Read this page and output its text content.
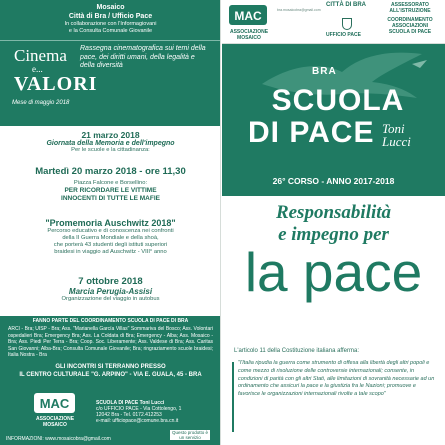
Mosaico
Città di Bra / Ufficio Pace
In collaborazione con l'Informagiovani
e la Consulta Comunale Giovanile
Cinema
e...
VALORI
Mese di maggio 2018
Rassegna cinematografica sui temi della pace, dei diritti umani, della legalità e della diversità
21 marzo 2018
Giornata della Memoria e dell'impegno
Per le scuole e la cittadinanza:
Martedì 20 marzo 2018 - ore 11,30
Piazza Falcone e Borsellino:
PER RICORDARE LE VITTIME
INNOCENTI DI TUTTE LE MAFIE
"Promemoria Auschwitz 2018"
Percorso educativo e di conoscenza nei confronti
della II Guerra Mondiale e della shoà,
che porterà 43 studenti degli istituti superiori
braidesi in viaggio ad Auschwitz - VIII° anno
7 ottobre 2018
Marcia Perugia-Assisi
Organizzazione del viaggio in autobus
FANNO PARTE DEL COORDINAMENTO SCUOLA DI PACE DI BRA
ARCI - Bra; UISP - Bra; Ass. "Marianella García Villas" Sommariva del Bosco; Ass. Volontari ospedalieri Bra; Emergency Bra; Ass. La Coldata di Bra; Emergency - Alba; Ass. Mosaico - Bra; Ass. Piedi Per Terra - Bra; Coop. Soc. Liberamente; Ass. Valdese di Bra; Ass. Caritas San Giovanni; Alba-Bra; Consulta Comunale Giovanile; Bra; ringraziamento scuole braidesi; Italia Nostra - Bra
GLI INCONTRI SI TERRANNO PRESSO
IL CENTRO CULTURALE "G. ARPINO" - VIA E. GUALA, 45 - BRA
MAC
ASSOCIAZIONE
MOSAICO
SCUOLA DI PACE Toni Lucci
c/o UFFICIO PACE - Via Cottolengo, 1
12042 Bra - Tel. 0172.412253
e-mail: ufficiopace@comune.bra.cn.it
INFORMAZIONI: www.mosaicobra@gmail.com
Questo prodotto è un servizio
MAC
ASSOCIAZIONE
MOSAICO
bra.mosaicobra@gmail.com
CITTÀ DI BRA
UFFICIO PACE
ASSESSORATO
ALL'ISTRUZIONE
COORDINAMENTO
ASSOCIAZIONI
SCUOLA DI PACE
BRA
SCUOLA
DI PACE Toni
Lucci
26° CORSO - ANNO 2017-2018
Responsabilità
e impegno per
la pace
L'articolo 11 della Costituzione italiana afferma:
"l'Italia ripudia la guerra come strumento di offesa alla libertà degli altri popoli e come mezzo di risoluzione delle controversie internazionali; consente, in condizioni di parità con gli altri Stati, alle limitazioni di sovranità necessarie ad un ordinamento che assicuri la pace e la giustizia fra le Nazioni; promuove e favorisce le organizzazioni internazionali rivolte a tale scopo"
